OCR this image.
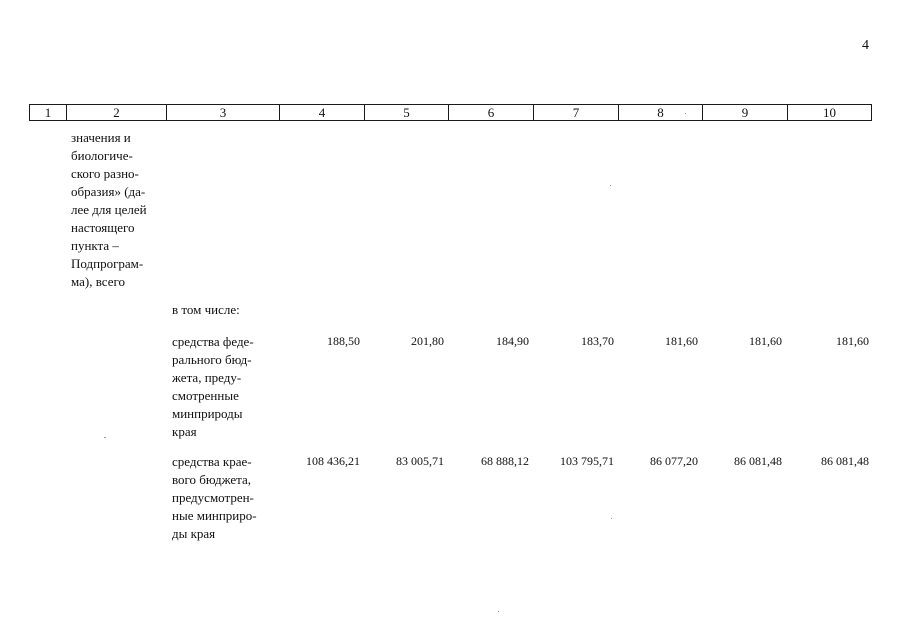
4
1	2	3	4	5	6	7	8	9	10
значения и
биологиче-
ского разно-
образия» (да-
лее для целей
настоящего
пункта –
Подпрограм-
ма), всего
в том числе:
средства феде-
рального бюд-
жета, преду-
смотренные
минприроды
края
188,50	201,80	184,90	183,70	181,60	181,60	181,60
средства крае-
вого бюджета,
предусмотрен-
ные минприро-
ды края
108 436,21	83 005,71	68 888,12	103 795,71	86 077,20	86 081,48	86 081,48
